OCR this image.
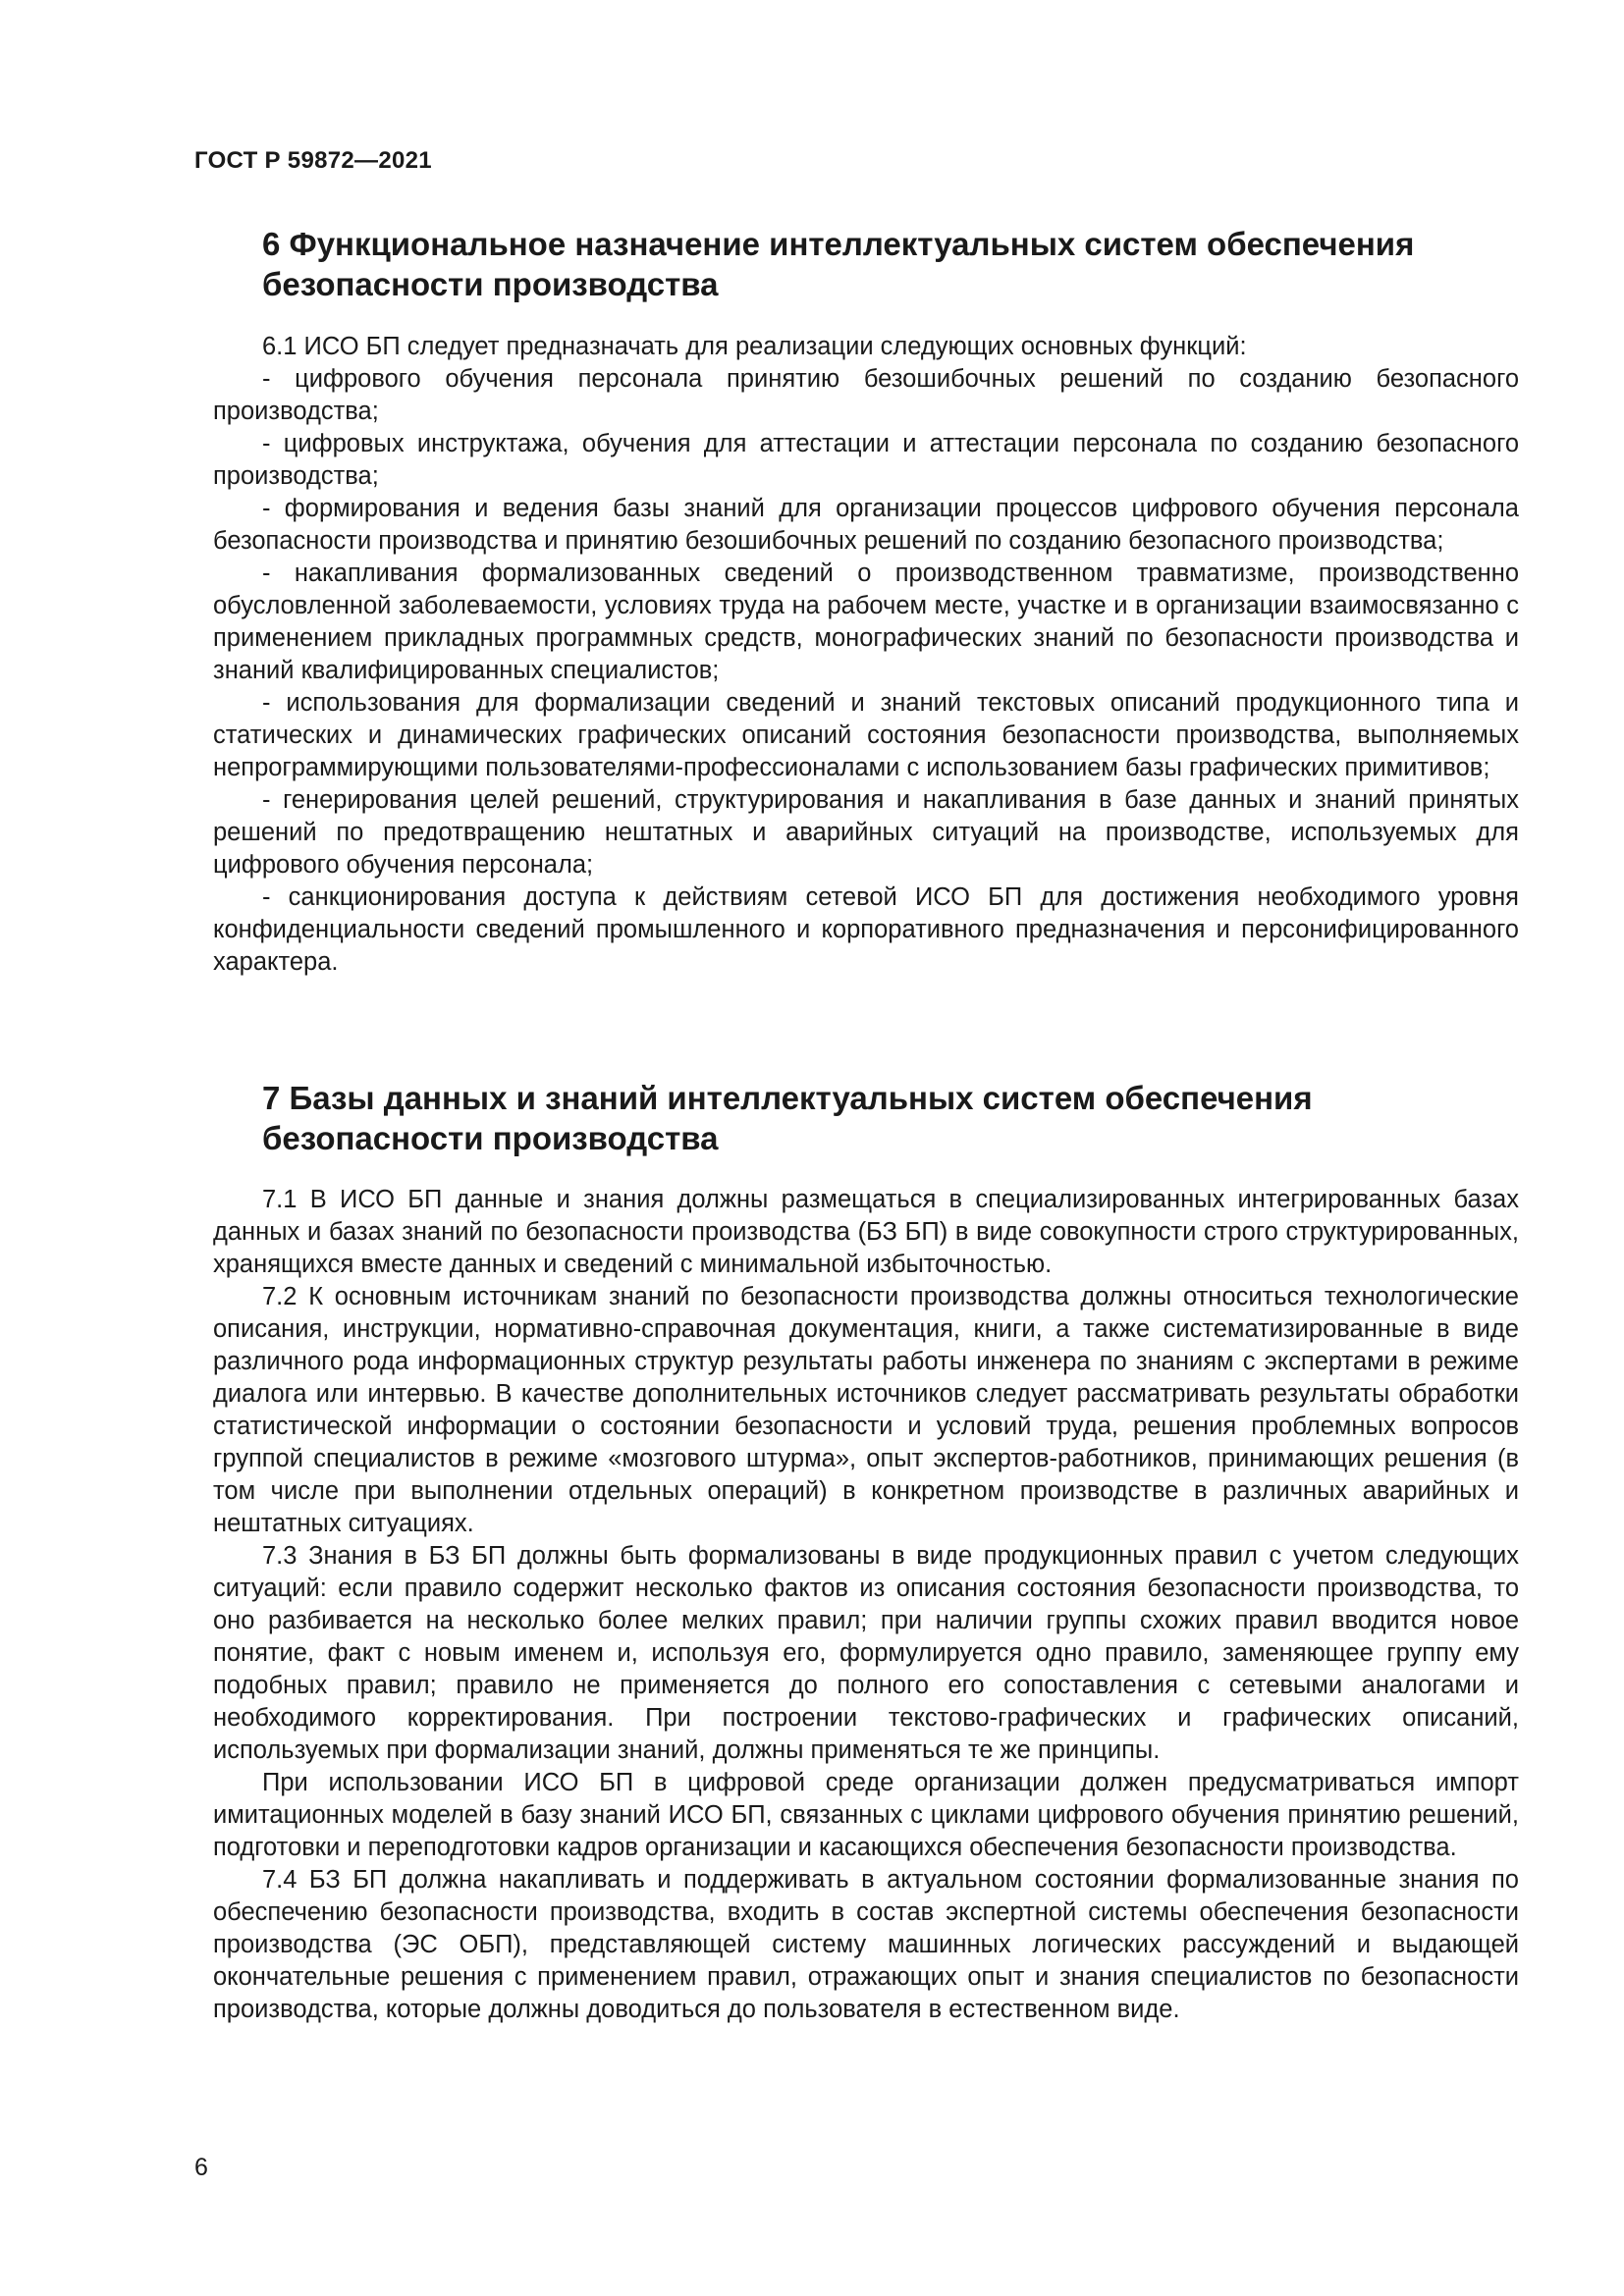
ГОСТ Р 59872—2021
6 Функциональное назначение интеллектуальных систем обеспечения безопасности производства

6.1 ИСО БП следует предназначать для реализации следующих основных функций:

- цифрового обучения персонала принятию безошибочных решений по созданию безопасного производства;

- цифровых инструктажа, обучения для аттестации и аттестации персонала по созданию безопасного производства;

- формирования и ведения базы знаний для организации процессов цифрового обучения персонала безопасности производства и принятию безошибочных решений по созданию безопасного производства;

- накапливания формализованных сведений о производственном травматизме, производственно обусловленной заболеваемости, условиях труда на рабочем месте, участке и в организации взаимосвязанно с применением прикладных программных средств, монографических знаний по безопасности производства и знаний квалифицированных специалистов;

- использования для формализации сведений и знаний текстовых описаний продукционного типа и статических и динамических графических описаний состояния безопасности производства, выполняемых непрограммирующими пользователями-профессионалами с использованием базы графических примитивов;

- генерирования целей решений, структурирования и накапливания в базе данных и знаний принятых решений по предотвращению нештатных и аварийных ситуаций на производстве, используемых для цифрового обучения персонала;

- санкционирования доступа к действиям сетевой ИСО БП для достижения необходимого уровня конфиденциальности сведений промышленного и корпоративного предназначения и персонифицированного характера.

7 Базы данных и знаний интеллектуальных систем обеспечения безопасности производства

7.1 В ИСО БП данные и знания должны размещаться в специализированных интегрированных базах данных и базах знаний по безопасности производства (БЗ БП) в виде совокупности строго структурированных, хранящихся вместе данных и сведений с минимальной избыточностью.

7.2 К основным источникам знаний по безопасности производства должны относиться технологические описания, инструкции, нормативно-справочная документация, книги, а также систематизированные в виде различного рода информационных структур результаты работы инженера по знаниям с экспертами в режиме диалога или интервью. В качестве дополнительных источников следует рассматривать результаты обработки статистической информации о состоянии безопасности и условий труда, решения проблемных вопросов группой специалистов в режиме «мозгового штурма», опыт экспертов-работников, принимающих решения (в том числе при выполнении отдельных операций) в конкретном производстве в различных аварийных и нештатных ситуациях.

7.3 Знания в БЗ БП должны быть формализованы в виде продукционных правил с учетом следующих ситуаций: если правило содержит несколько фактов из описания состояния безопасности производства, то оно разбивается на несколько более мелких правил; при наличии группы схожих правил вводится новое понятие, факт с новым именем и, используя его, формулируется одно правило, заменяющее группу ему подобных правил; правило не применяется до полного его сопоставления с сетевыми аналогами и необходимого корректирования. При построении текстово-графических и графических описаний, используемых при формализации знаний, должны применяться те же принципы.

При использовании ИСО БП в цифровой среде организации должен предусматриваться импорт имитационных моделей в базу знаний ИСО БП, связанных с циклами цифрового обучения принятию решений, подготовки и переподготовки кадров организации и касающихся обеспечения безопасности производства.

7.4 БЗ БП должна накапливать и поддерживать в актуальном состоянии формализованные знания по обеспечению безопасности производства, входить в состав экспертной системы обеспечения безопасности производства (ЭС ОБП), представляющей систему машинных логических рассуждений и выдающей окончательные решения с применением правил, отражающих опыт и знания специалистов по безопасности производства, которые должны доводиться до пользователя в естественном виде.

6
